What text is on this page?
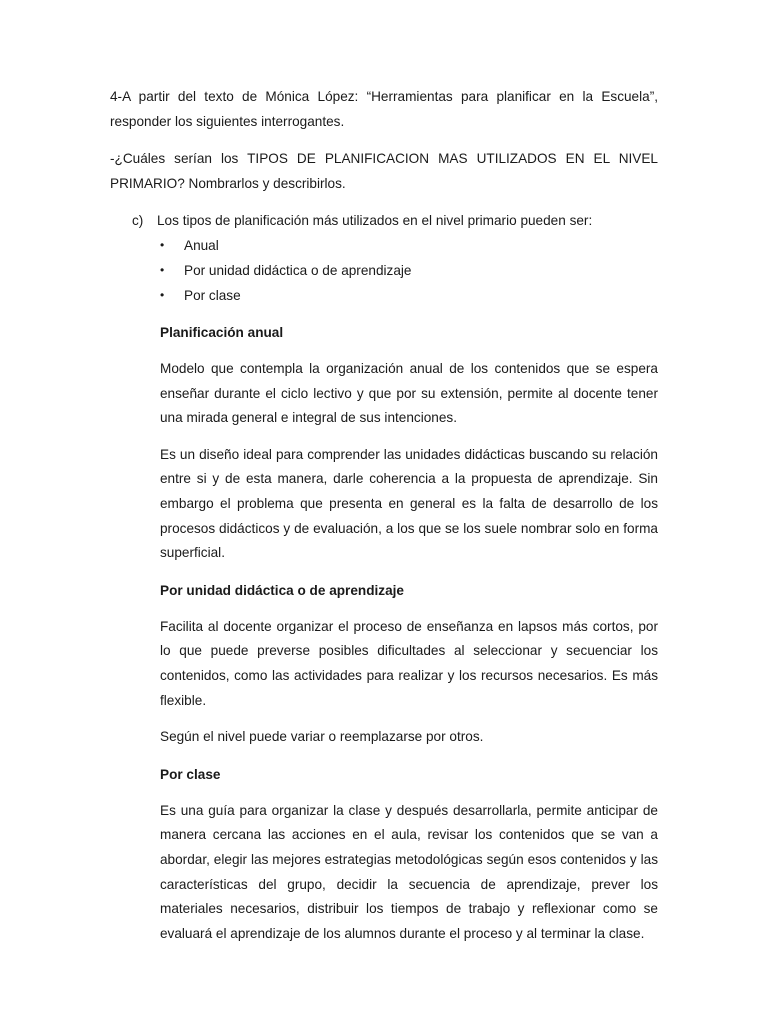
4-A partir del texto de Mónica López: “Herramientas para planificar en la Escuela”, responder los siguientes interrogantes.

-¿Cuáles serían los TIPOS DE PLANIFICACION MAS UTILIZADOS EN EL NIVEL PRIMARIO? Nombrarlos y describirlos.

c)	Los tipos de planificación más utilizados en el nivel primario pueden ser:
•	Anual
•	Por unidad didáctica o de aprendizaje
•	Por clase

Planificación anual

Modelo que contempla la organización anual de los contenidos que se espera enseñar durante el ciclo lectivo y que por su extensión, permite al docente tener una mirada general e integral de sus intenciones.

Es un diseño ideal para comprender las unidades didácticas buscando su relación entre si y de esta manera, darle coherencia a la propuesta de aprendizaje. Sin embargo el problema que presenta en general es la falta de desarrollo de los procesos didácticos y de evaluación, a los que se los suele nombrar solo en forma superficial.

Por unidad didáctica o de aprendizaje

Facilita al docente organizar el proceso de enseñanza en lapsos más cortos, por lo que puede preverse posibles dificultades al seleccionar y secuenciar los contenidos, como las actividades para realizar y los recursos necesarios. Es más flexible.

Según el nivel puede variar o reemplazarse por otros.

Por clase

Es una guía para organizar la clase y después desarrollarla, permite anticipar de manera cercana las acciones en el aula, revisar los contenidos que se van a abordar, elegir las mejores estrategias metodológicas según esos contenidos y las características del grupo, decidir la secuencia de aprendizaje, prever los materiales necesarios, distribuir los tiempos de trabajo y reflexionar como se evaluará el aprendizaje de los alumnos durante el proceso y al terminar la clase.
